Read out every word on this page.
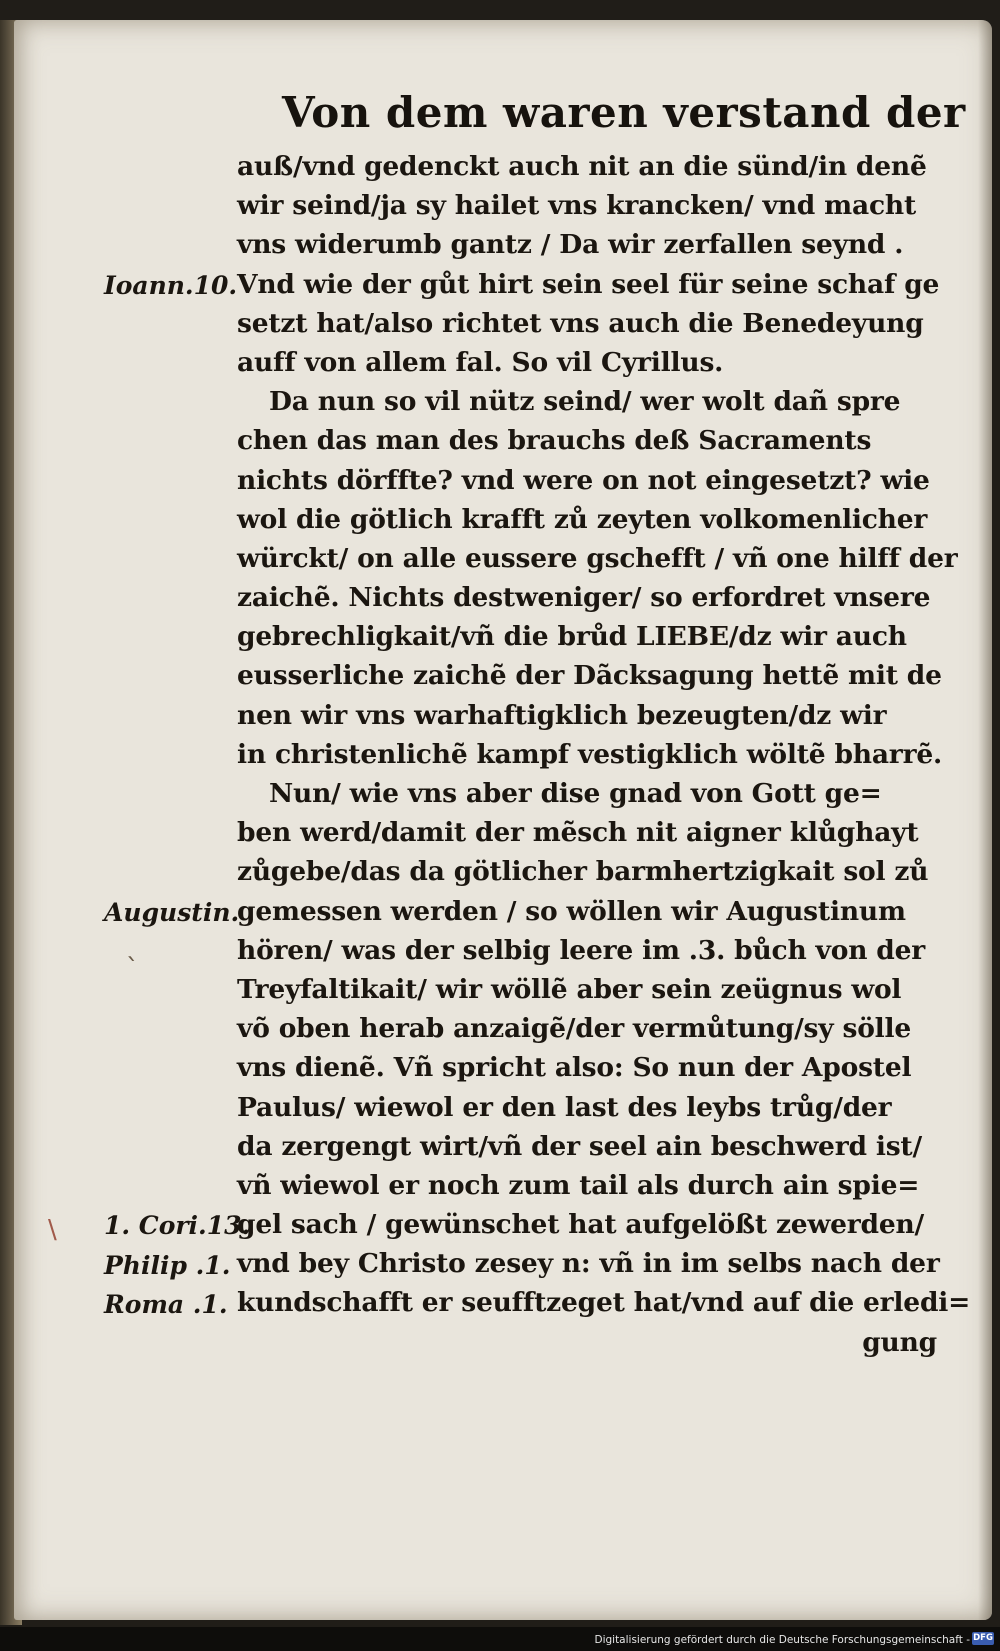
Von dem waren verstand der
auß/vnd gedenckt auch nit an die sünd/in denẽ
wir seind/ja sy hailet vns krancken/ vnd macht
vns widerumb gantz / Da wir zerfallen seynd .
Vnd wie der gůt hirt sein seel für seine schaf ge
setzt hat/also richtet vns auch die Benedeyung
auff von allem fal. So vil Cyrillus.
Da nun so vil nütz seind/ wer wolt dañ spre
chen das man des brauchs deß Sacraments
nichts dörffte? vnd were on not eingesetzt? wie
wol die götlich krafft zů zeyten volkomenlicher
würckt/ on alle eussere gschefft / vñ one hilff der
zaichẽ. Nichts destweniger/ so erfordret vnsere
gebrechligkait/vñ die brůd LIEBE/dz wir auch
eusserliche zaichẽ der Dãcksagung hettẽ mit de
nen wir vns warhaftigklich bezeugten/dz wir
in christenlichẽ kampf vestigklich wöltẽ bharrẽ.
Nun/ wie vns aber dise gnad von Gott ge=
ben werd/damit der mẽsch nit aigner klůghayt
zůgebe/das da götlicher barmhertzigkait sol zů
gemessen werden / so wöllen wir Augustinum
hören/ was der selbig leere im .3. bůch von der
Treyfaltikait/ wir wöllẽ aber sein zeügnus wol
võ oben herab anzaigẽ/der vermůtung/sy sölle
vns dienẽ. Vñ spricht also: So nun der Apostel
Paulus/ wiewol er den last des leybs trůg/der
da zergengt wirt/vñ der seel ain beschwerd ist/
vñ wiewol er noch zum tail als durch ain spie=
gel sach / gewünschet hat aufgelößt zewerden/
vnd bey Christo zesey n: vñ in im selbs nach der
kundschafft er seufftzeget hat/vnd auf die erledi=
gung
Ioann.10.
Augustin.
1. Cori.13.
Philip .1.
Roma .1.
ˋ
\
Digitalisierung gefördert durch die Deutsche Forschungsgemeinschaft - DFG
